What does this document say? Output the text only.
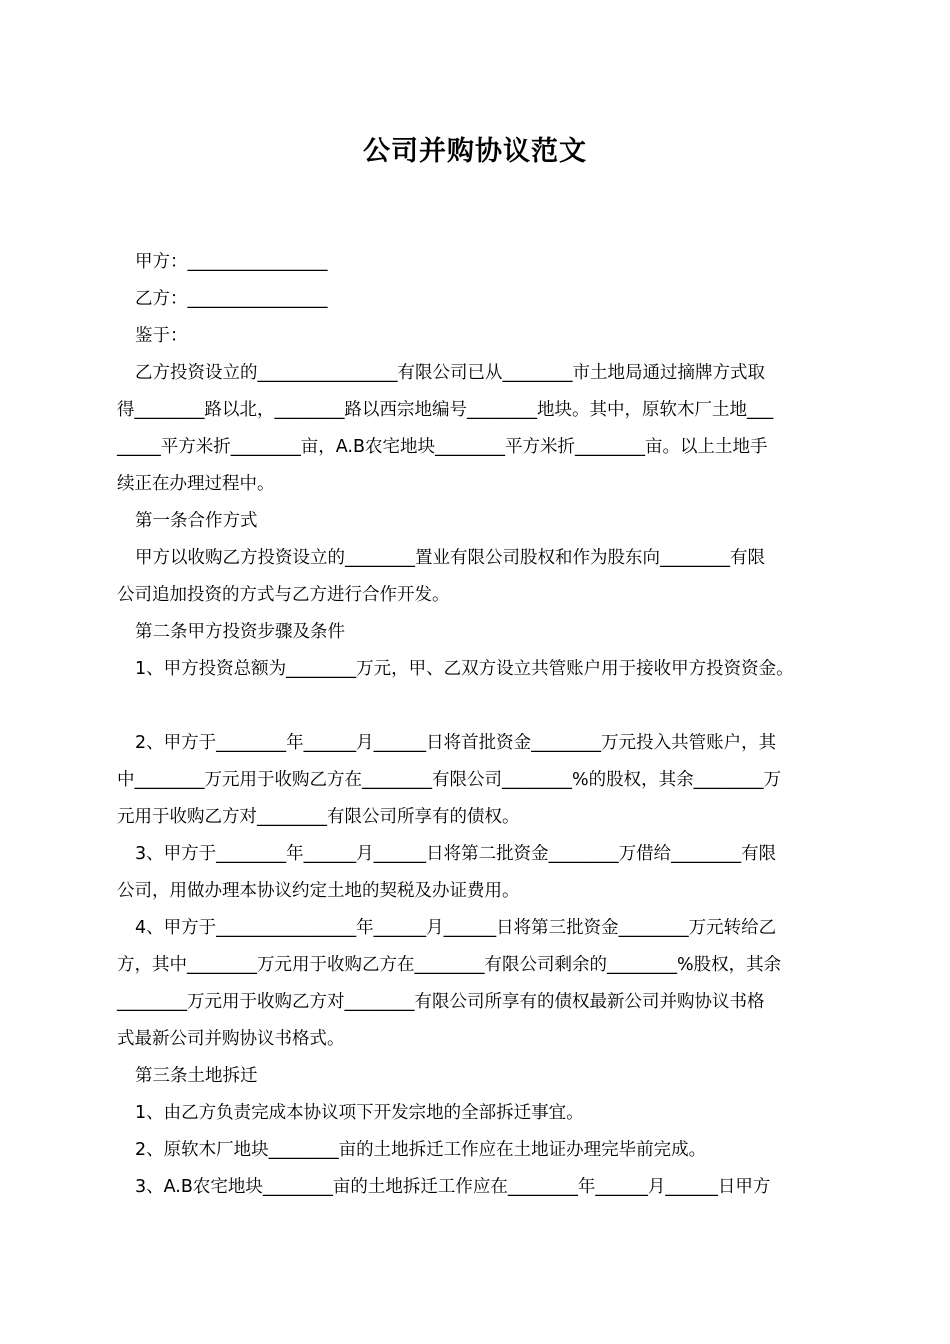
公司并购协议范文
甲方：________________
乙方：________________
鉴于：
乙方投资设立的________________有限公司已从________市土地局通过摘牌方式取
得________路以北，________路以西宗地编号________地块。其中，原软木厂土地___
_____平方米折________亩，A.B农宅地块________平方米折________亩。以上土地手
续正在办理过程中。
第一条合作方式
甲方以收购乙方投资设立的________置业有限公司股权和作为股东向________有限
公司追加投资的方式与乙方进行合作开发。
第二条甲方投资步骤及条件
1、甲方投资总额为________万元，甲、乙双方设立共管账户用于接收甲方投资资金。
2、甲方于________年______月______日将首批资金________万元投入共管账户，其
中________万元用于收购乙方在________有限公司________%的股权，其余________万
元用于收购乙方对________有限公司所享有的债权。
3、甲方于________年______月______日将第二批资金________万借给________有限
公司，用做办理本协议约定土地的契税及办证费用。
4、甲方于________________年______月______日将第三批资金________万元转给乙
方，其中________万元用于收购乙方在________有限公司剩余的________%股权，其余
________万元用于收购乙方对________有限公司所享有的债权最新公司并购协议书格
式最新公司并购协议书格式。
第三条土地拆迁
1、由乙方负责完成本协议项下开发宗地的全部拆迁事宜。
2、原软木厂地块________亩的土地拆迁工作应在土地证办理完毕前完成。
3、A.B农宅地块________亩的土地拆迁工作应在________年______月______日甲方
